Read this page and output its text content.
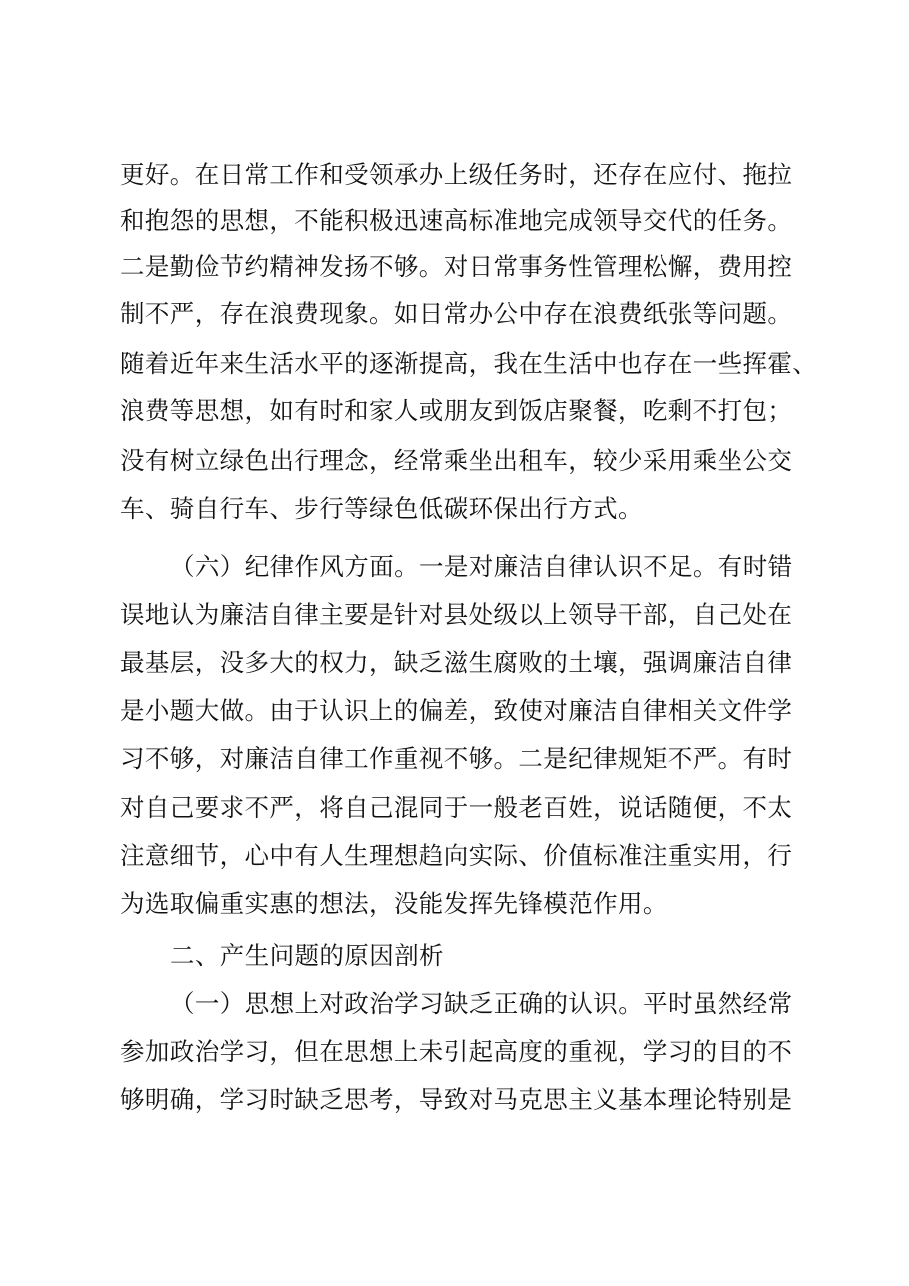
更好。在日常工作和受领承办上级任务时，还存在应付、拖拉
和抱怨的思想，不能积极迅速高标准地完成领导交代的任务。
二是勤俭节约精神发扬不够。对日常事务性管理松懈，费用控
制不严，存在浪费现象。如日常办公中存在浪费纸张等问题。
随着近年来生活水平的逐渐提高，我在生活中也存在一些挥霍、
浪费等思想，如有时和家人或朋友到饭店聚餐，吃剩不打包；
没有树立绿色出行理念，经常乘坐出租车，较少采用乘坐公交
车、骑自行车、步行等绿色低碳环保出行方式。
（六）纪律作风方面。一是对廉洁自律认识不足。有时错
误地认为廉洁自律主要是针对县处级以上领导干部，自己处在
最基层，没多大的权力，缺乏滋生腐败的土壤，强调廉洁自律
是小题大做。由于认识上的偏差，致使对廉洁自律相关文件学
习不够，对廉洁自律工作重视不够。二是纪律规矩不严。有时
对自己要求不严，将自己混同于一般老百姓，说话随便，不太
注意细节，心中有人生理想趋向实际、价值标准注重实用，行
为选取偏重实惠的想法，没能发挥先锋模范作用。
二、产生问题的原因剖析
（一）思想上对政治学习缺乏正确的认识。平时虽然经常
参加政治学习，但在思想上未引起高度的重视，学习的目的不
够明确，学习时缺乏思考，导致对马克思主义基本理论特别是
